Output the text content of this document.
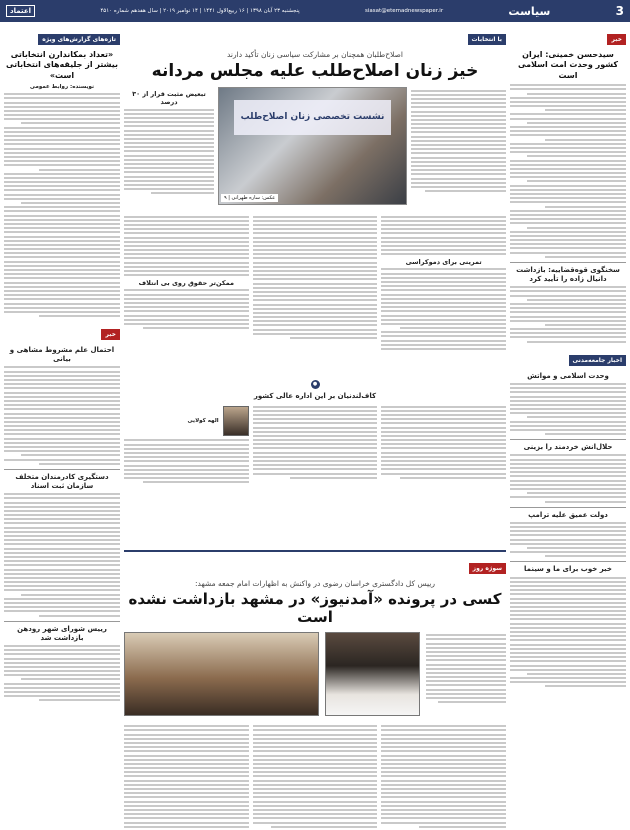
3
سیاست
siasat@etemadnewspaper.ir
پنجشنبه ۲۳ آبان ۱۳۹۸ | ۱۶ ربیع‌الاول ۱۴۴۱ | ۱۴ نوامبر ۲۰۱۹ | سال هفدهم شماره ۴۵۱۰
اعتماد
خبر
سیدحسن خمینی: ایران کشور وحدت امت اسلامی است
سخنگوی قوه‌قضاییه: بازداشت دانیال زاده را تأیید کرد
اخبار جامعه‌مدنی
وحدت اسلامی و مواتش
حلال‌انش خردمند را بزینی
دولت عمیق علیه ترامپ
خبر خوب برای ما و سینما
تازه‌های گزارش‌های ویژه
«تعداد بمکاندارن انتخاباتی بیشتر از جلیقه‌های انتخاباتی است»
نویسنده: روابط عمومی
خبر
احتمال علم مشروط مشاهی و بیانی
دستگیری کادرمندان متخلف سازمان ثبت اسناد
رییس شورای شهر رودهن بازداشت شد
با انتخابات
اصلاح‌طلبان همچنان بر مشارکت سیاسی زنان تأکید دارند
خیز زنان اصلاح‌طلب علیه مجلس مردانه
نشست تخصصی زنان اصلاح‌طلب
عکس: ساره طهرانی | ۹
تبعیض مثبت قرار از ۳۰ درصد
تمرینی برای دموکراسی
ممکن‌تر حقوق روی بی انتلاف
●
کاف‌لندنیان بر این اداره عالی کشور
الهه کولایی
سوژه روز
رییس کل دادگستری خراسان رضوی در واکنش به اظهارات امام جمعه مشهد:
کسی در پرونده «آمدنیوز» در مشهد بازداشت نشده است
